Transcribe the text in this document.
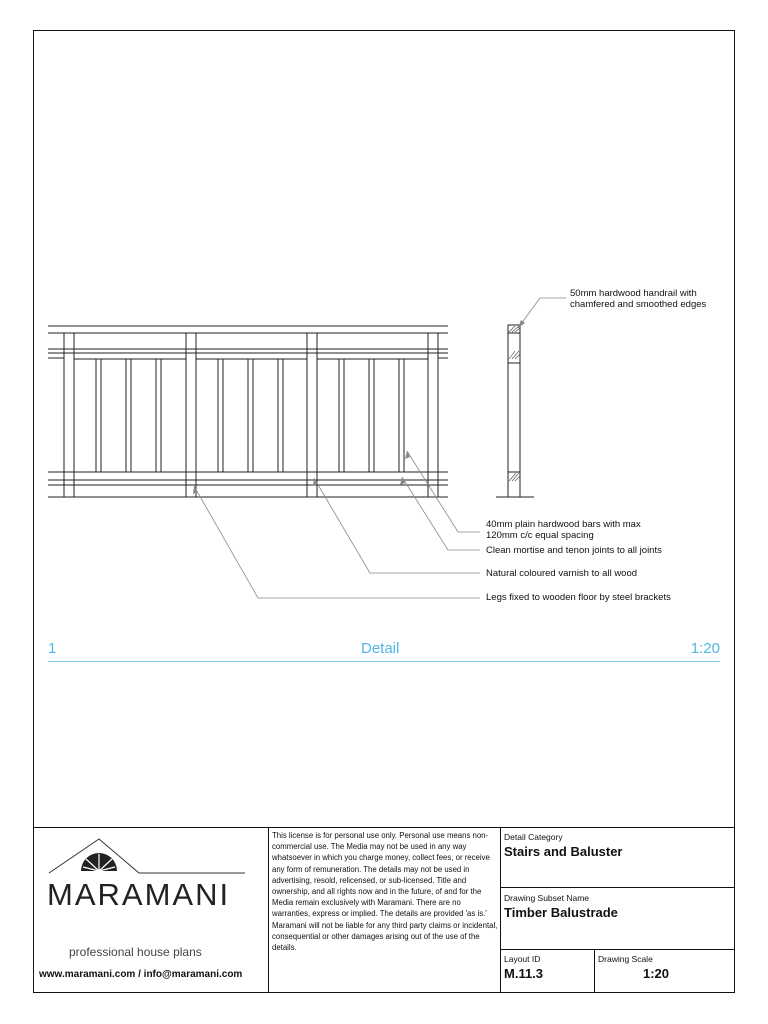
50mm hardwood handrail with
chamfered and smoothed edges
40mm plain hardwood bars with max
120mm c/c equal spacing
Clean mortise and tenon joints to all joints
Natural coloured varnish to all wood
Legs fixed to wooden floor by steel brackets
1	Detail	1:20
MARAMANI
professional house plans
www.maramani.com / info@maramani.com
This license is for personal use only. Personal use means non-commercial use. The Media may not be used in any way whatsoever in which you charge money, collect fees, or receive any form of remuneration. The details may not be used in advertising, resold, relicensed, or sub-licensed. Title and ownership, and all rights now and in the future, of and for the Media remain exclusively with Maramani. There are no warranties, express or implied. The details are provided 'as is.' Maramani will not be liable for any third party claims or incidental, consequential or other damages arising out of the use of the details.
Detail Category
Stairs and Baluster
Drawing Subset Name
Timber Balustrade
Layout ID
M.11.3
Drawing Scale
1:20
